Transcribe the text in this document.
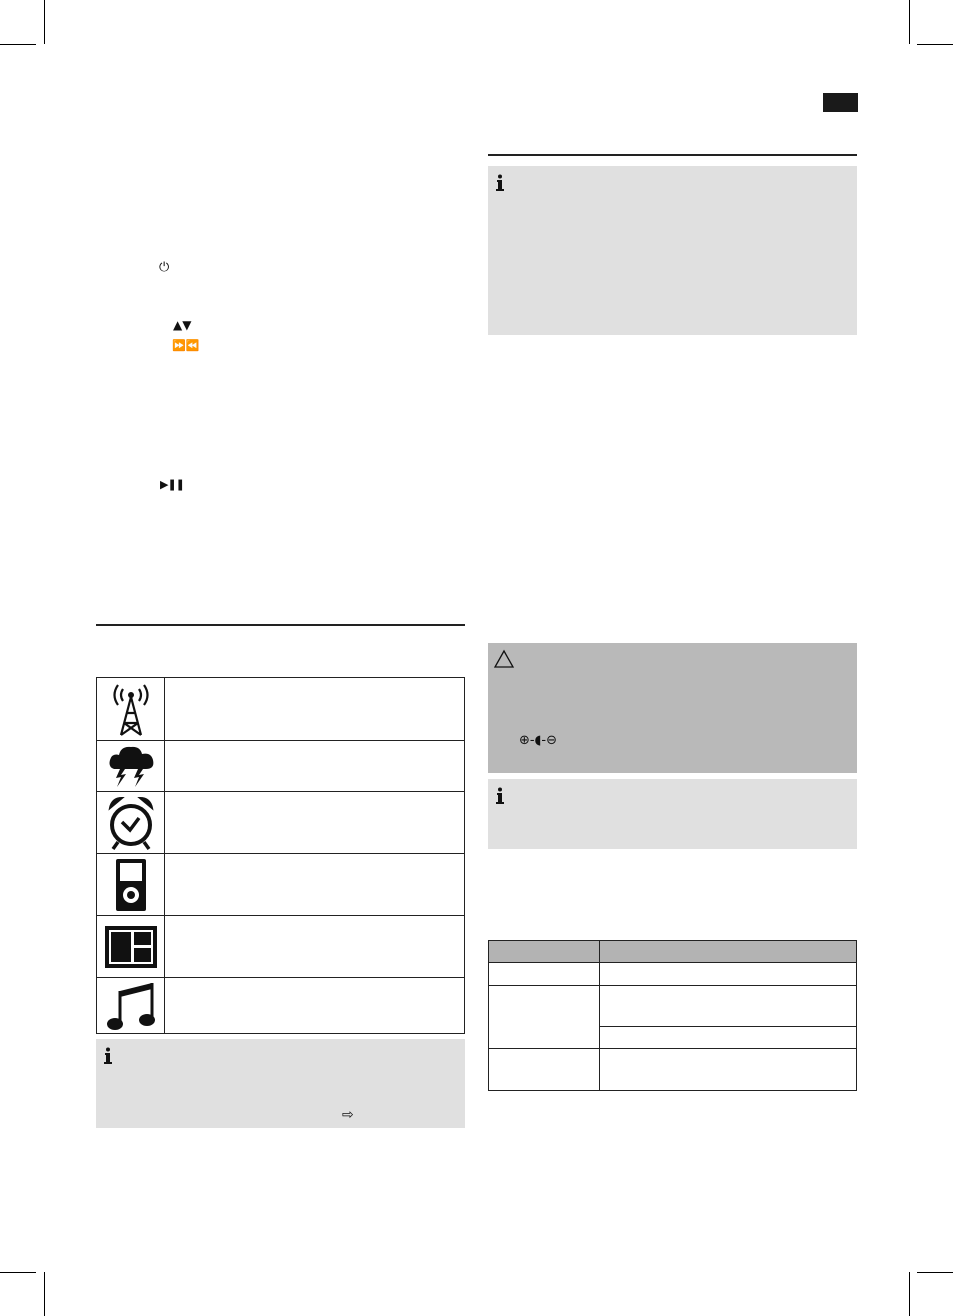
⏻
▲▼
⏩⏪
▶❚❚
⇨
⊕-◖-⊖
